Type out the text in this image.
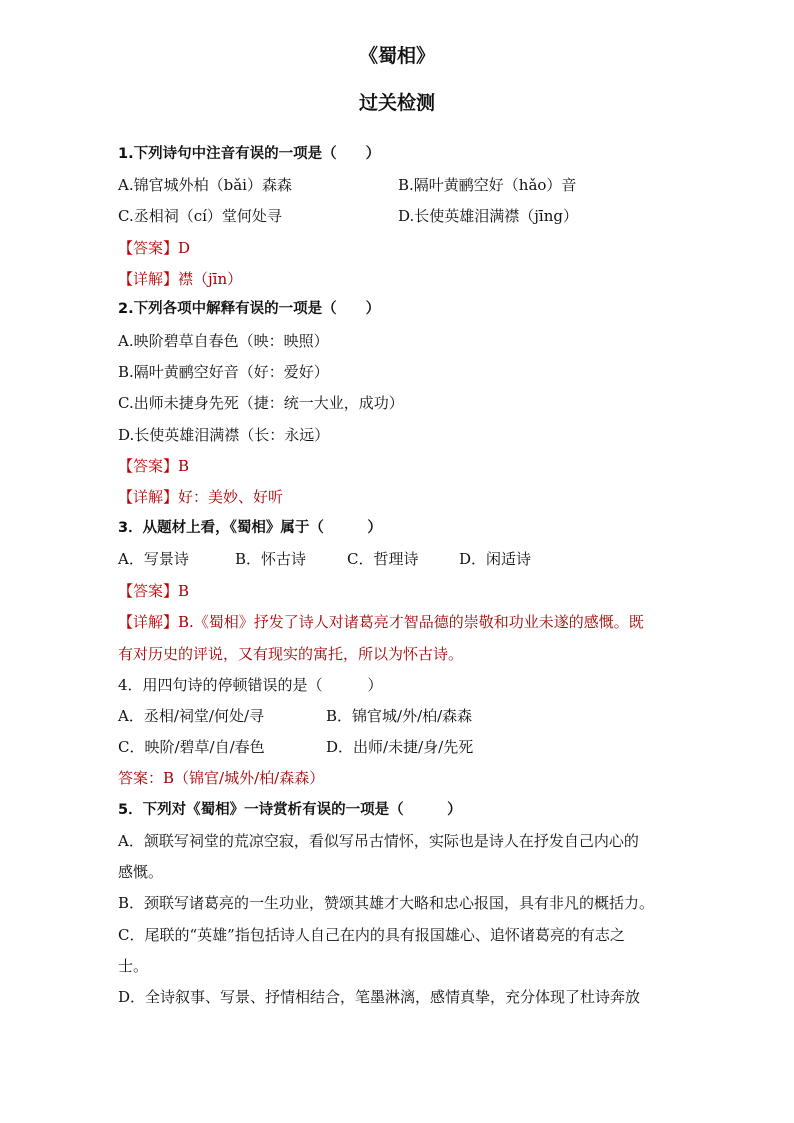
《蜀相》
过关检测
1.下列诗句中注音有误的一项是（　　）
A.锦官城外柏（bǎi）森森	B.隔叶黄鹂空好（hǎo）音
C.丞相祠（cí）堂何处寻	D.长使英雄泪满襟（jīng）
【答案】D
【详解】襟（jīn）
2.下列各项中解释有误的一项是（　　）
A.映阶碧草自春色（映：映照）
B.隔叶黄鹂空好音（好：爱好）
C.出师未捷身先死（捷：统一大业，成功）
D.长使英雄泪满襟（长：永远）
【答案】B
【详解】好：美妙、好听
3．从题材上看，《蜀相》属于（　　　）
A．写景诗	B．怀古诗	C．哲理诗	D．闲适诗
【答案】B
【详解】B.《蜀相》抒发了诗人对诸葛亮才智品德的崇敬和功业未遂的感慨。既
有对历史的评说，又有现实的寓托，所以为怀古诗。
4．用四句诗的停顿错误的是（　　　）
A．丞相/祠堂/何处/寻	B．锦官城/外/柏/森森
C．映阶/碧草/自/春色	D．出师/未捷/身/先死
答案：B（锦官/城外/柏/森森）
5．下列对《蜀相》一诗赏析有误的一项是（　　　）
A．颔联写祠堂的荒凉空寂，看似写吊古情怀，实际也是诗人在抒发自己内心的
感慨。
B．颈联写诸葛亮的一生功业，赞颂其雄才大略和忠心报国，具有非凡的概括力。
C．尾联的“英雄”指包括诗人自己在内的具有报国雄心、追怀诸葛亮的有志之
士。
D．全诗叙事、写景、抒情相结合，笔墨淋漓，感情真挚，充分体现了杜诗奔放
